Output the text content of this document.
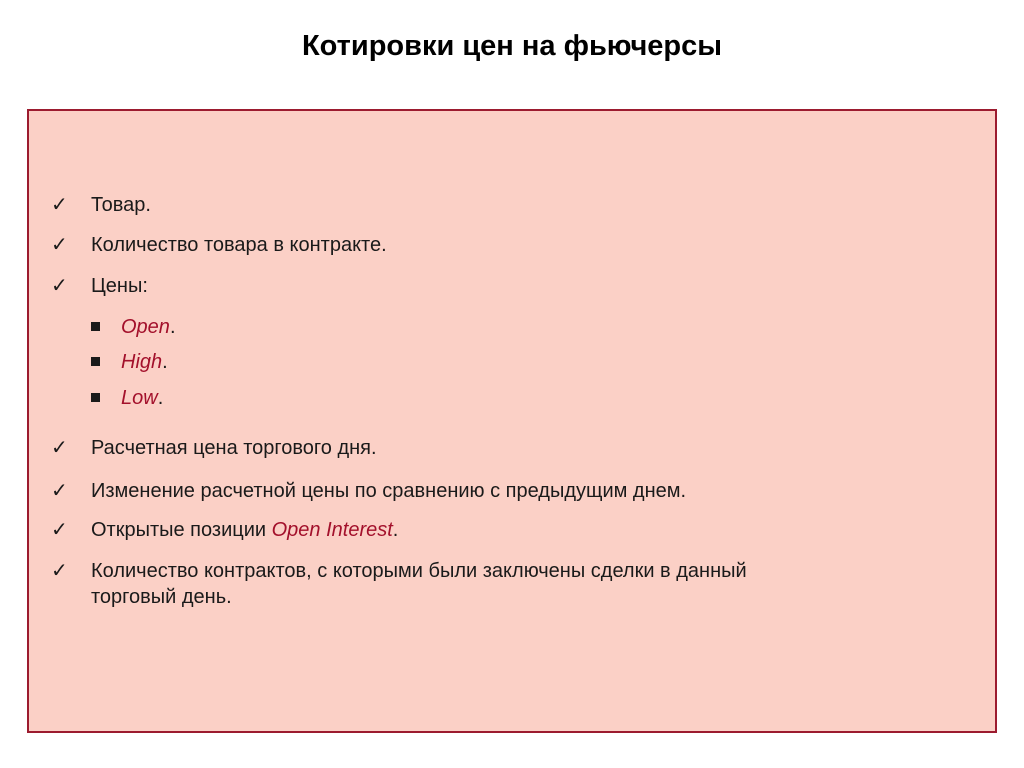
Котировки цен на фьючерсы
✓ Товар.
✓ Количество товара в контракте.
✓ Цены:
Open.
High.
Low.
✓ Расчетная цена торгового дня.
✓ Изменение расчетной цены по сравнению с предыдущим днем.
✓ Открытые позиции Open Interest.
✓ Количество контрактов, с которыми были заключены сделки в данный
торговый день.
